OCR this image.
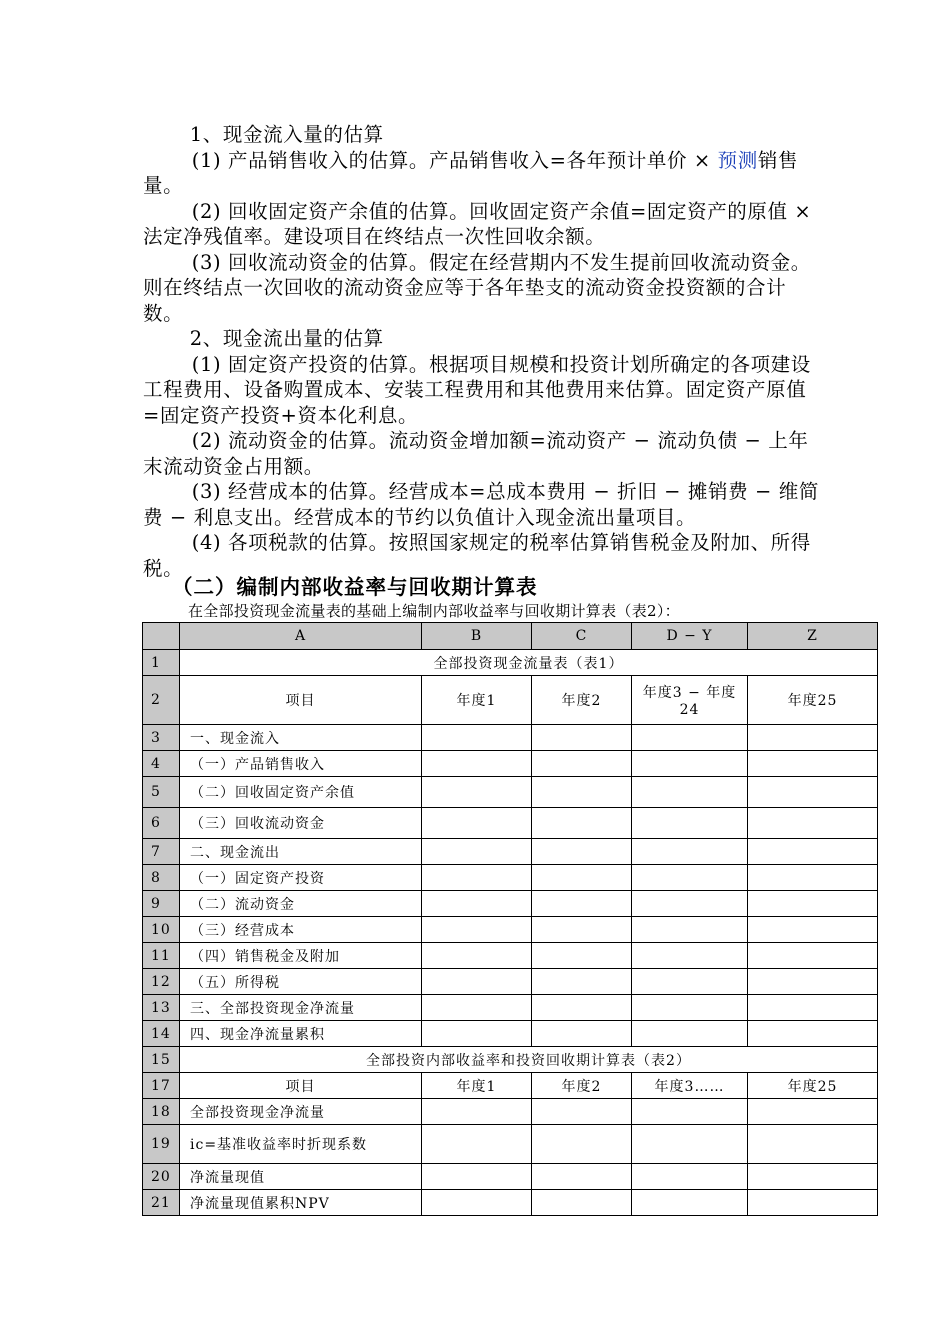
1、现金流入量的估算

(1) 产品销售收入的估算。产品销售收入=各年预计单价 × 预测销售量。

(2) 回收固定资产余值的估算。回收固定资产余值=固定资产的原值 × 法定净残值率。建设项目在终结点一次性回收余额。

(3) 回收流动资金的估算。假定在经营期内不发生提前回收流动资金。则在终结点一次回收的流动资金应等于各年垫支的流动资金投资额的合计数。

2、现金流出量的估算

(1) 固定资产投资的估算。根据项目规模和投资计划所确定的各项建设工程费用、设备购置成本、安装工程费用和其他费用来估算。固定资产原值=固定资产投资+资本化利息。

(2) 流动资金的估算。流动资金增加额=流动资产 − 流动负债 − 上年末流动资金占用额。

(3) 经营成本的估算。经营成本=总成本费用 − 折旧 − 摊销费 − 维简费 − 利息支出。经营成本的节约以负值计入现金流出量项目。

(4) 各项税款的估算。按照国家规定的税率估算销售税金及附加、所得税。

（二）编制内部收益率与回收期计算表
在全部投资现金流量表的基础上编制内部收益率与回收期计算表（表2）：
	A	B	C	D − Y	Z
1	全部投资现金流量表（表1）				
2	项目	年度1	年度2	年度3 − 年度24	年度25
3	一、现金流入				
4	（一）产品销售收入				
5	（二）回收固定资产余值				
6	（三）回收流动资金				
7	二、现金流出				
8	（一）固定资产投资				
9	（二）流动资金				
10	（三）经营成本				
11	（四）销售税金及附加				
12	（五）所得税				
13	三、全部投资现金净流量				
14	四、现金净流量累积				
15	全部投资内部收益率和投资回收期计算表（表2）				
17	项目	年度1	年度2	年度3……	年度25
18	全部投资现金净流量				
19	ic=基准收益率时折现系数				
20	净流量现值				
21	净流量现值累积NPV				
